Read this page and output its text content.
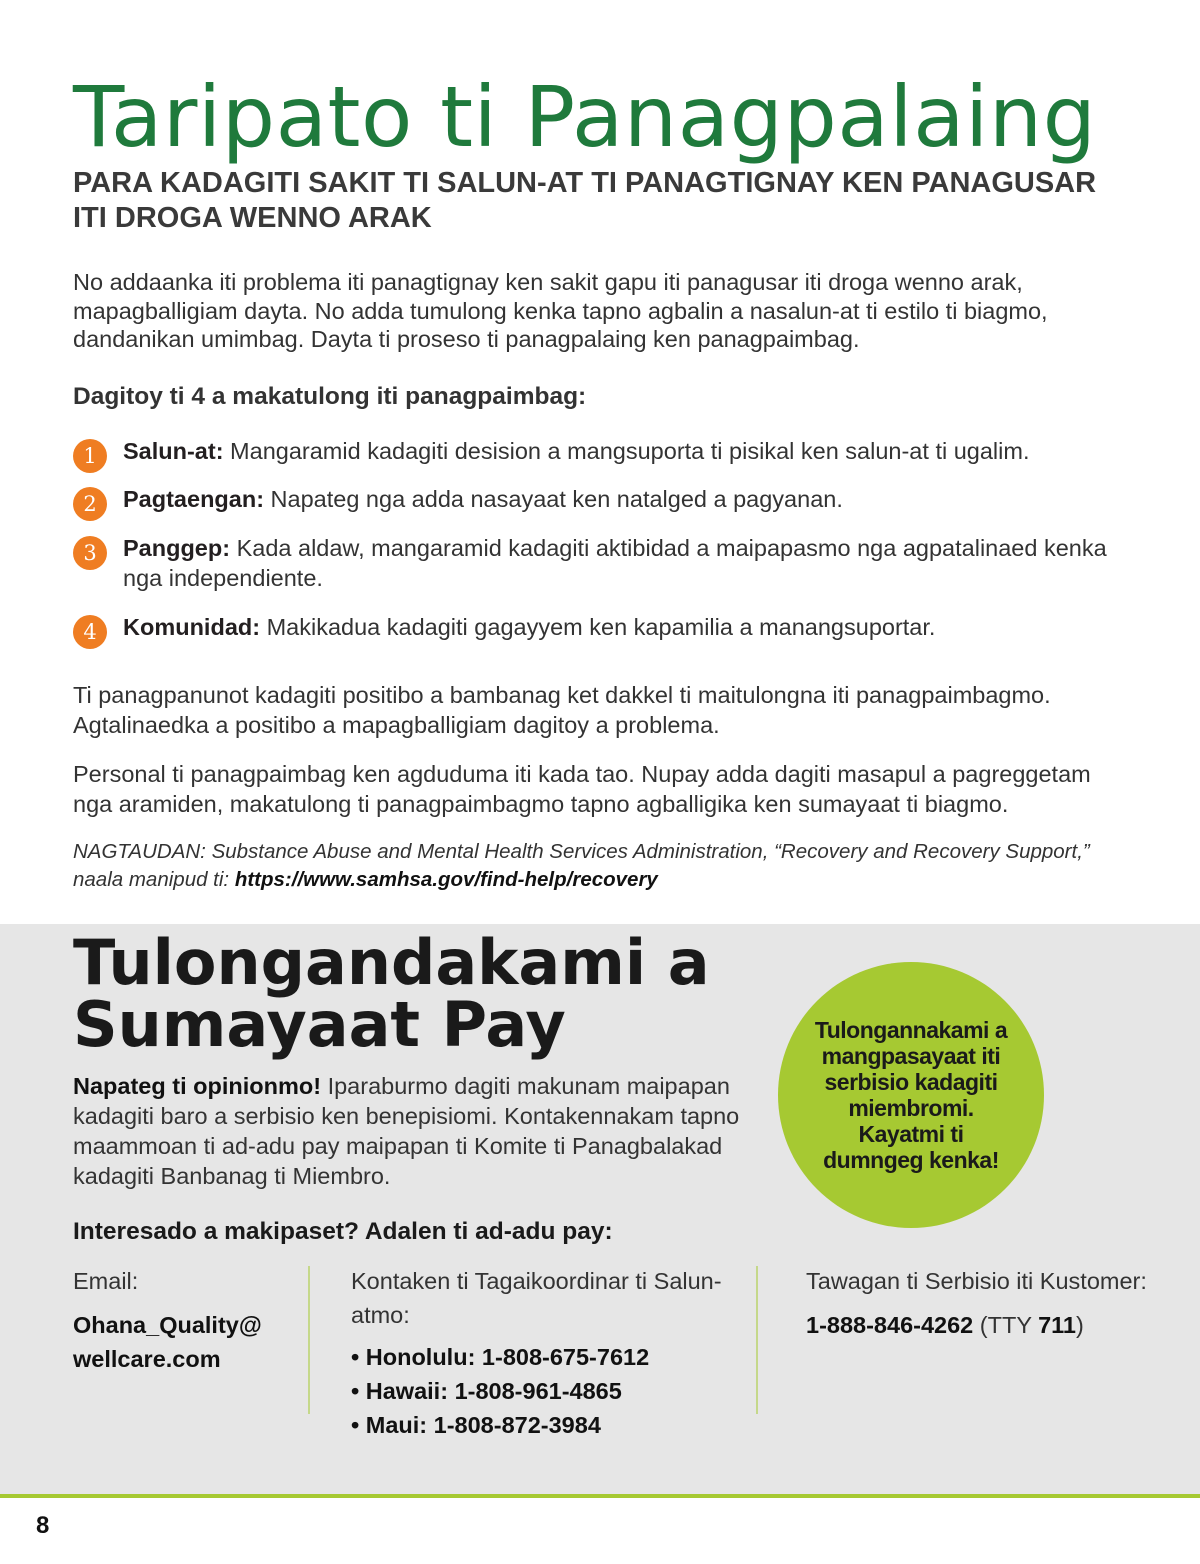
Taripato ti Panagpalaing
PARA KADAGITI SAKIT TI SALUN-AT TI PANAGTIGNAY KEN PANAGUSAR ITI DROGA WENNO ARAK

No addaanka iti problema iti panagtignay ken sakit gapu iti panagusar iti droga wenno arak, mapagballigiam dayta. No adda tumulong kenka tapno agbalin a nasalun-at ti estilo ti biagmo, dandanikan umimbag. Dayta ti proseso ti panagpalaing ken panagpaimbag.

Dagitoy ti 4 a makatulong iti panagpaimbag:
1	Salun-at: Mangaramid kadagiti desision a mangsuporta ti pisikal ken salun-at ti ugalim.
2	Pagtaengan: Napateg nga adda nasayaat ken natalged a pagyanan.
3	Panggep: Kada aldaw, mangaramid kadagiti aktibidad a maipapasmo nga agpatalinaed kenka nga independiente.
4	Komunidad: Makikadua kadagiti gagayyem ken kapamilia a manangsuportar.

Ti panagpanunot kadagiti positibo a bambanag ket dakkel ti maitulongna iti panagpaimbagmo. Agtalinaedka a positibo a mapagballigiam dagitoy a problema.

Personal ti panagpaimbag ken agduduma iti kada tao. Nupay adda dagiti masapul a pagreggetam nga aramiden, makatulong ti panagpaimbagmo tapno agballigika ken sumayaat ti biagmo.

NAGTAUDAN: Substance Abuse and Mental Health Services Administration, “Recovery and Recovery Support,” naala manipud ti: https://www.samhsa.gov/find-help/recovery

Tulongandakami a
Sumayaat Pay

Napateg ti opinionmo! Iparaburmo dagiti makunam maipapan kadagiti baro a serbisio ken benepisiomi. Kontakennakam tapno maammoan ti ad-adu pay maipapan ti Komite ti Panagbalakad kadagiti Banbanag ti Miembro.

Tulongannakami a mangpasayaat iti serbisio kadagiti miembromi. Kayatmi ti dumngeg kenka!
Interesado a makipaset? Adalen ti ad-adu pay:
Email:
Ohana_Quality@
wellcare.com
Kontaken ti Tagaikoordinar ti Salun-atmo:
• Honolulu: 1-808-675-7612
• Hawaii: 1-808-961-4865
• Maui: 1-808-872-3984
Tawagan ti Serbisio iti Kustomer:
1-888-846-4262 (TTY 711)
8
